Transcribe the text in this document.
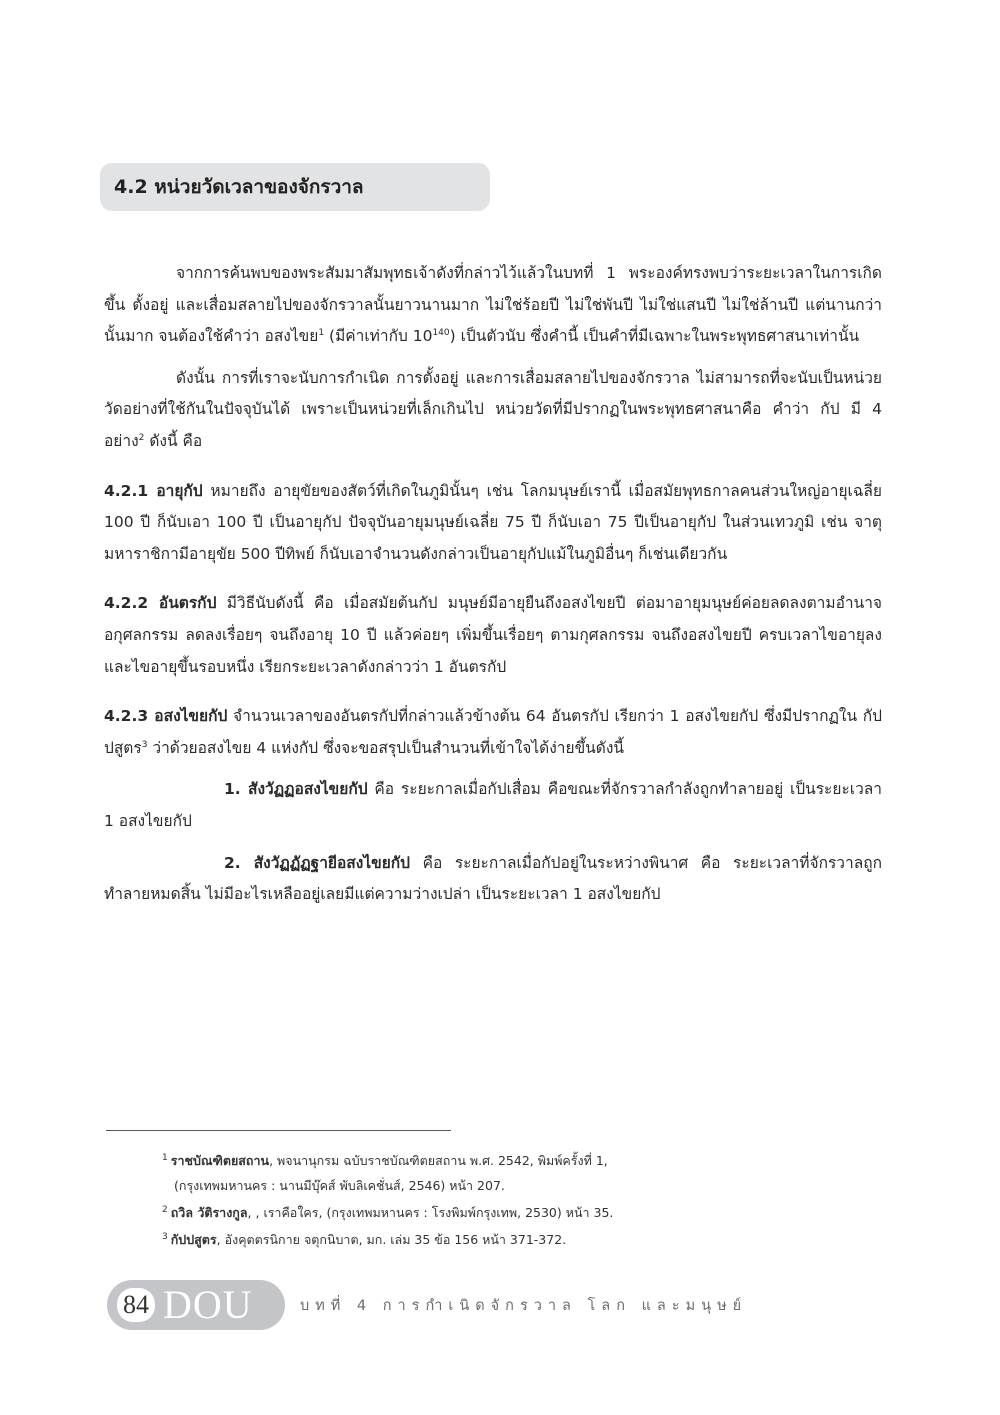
4.2 หน่วยวัดเวลาของจักรวาล

จากการค้นพบของพระสัมมาสัมพุทธเจ้าดังที่กล่าวไว้แล้วในบทที่ 1 พระองค์ทรงพบว่าระยะเวลาในการเกิดขึ้น ตั้งอยู่ และเสื่อมสลายไปของจักรวาลนั้นยาวนานมาก ไม่ใช่ร้อยปี ไม่ใช่พันปี ไม่ใช่แสนปี ไม่ใช่ล้านปี แต่นานกว่านั้นมาก จนต้องใช้คำว่า อสงไขย$^1$ (มีค่าเท่ากับ $10^{140}$) เป็นตัวนับ ซึ่งคำนี้ เป็นคำที่มีเฉพาะในพระพุทธศาสนาเท่านั้น

ดังนั้น การที่เราจะนับการกำเนิด การตั้งอยู่ และการเสื่อมสลายไปของจักรวาล ไม่สามารถที่จะนับเป็นหน่วยวัดอย่างที่ใช้กันในปัจจุบันได้ เพราะเป็นหน่วยที่เล็กเกินไป หน่วยวัดที่มีปรากฏในพระพุทธศาสนาคือ คำว่า กัป มี 4 อย่าง$^2$ ดังนี้ คือ

4.2.1 อายุกัป หมายถึง อายุขัยของสัตว์ที่เกิดในภูมินั้นๆ เช่น โลกมนุษย์เรานี้ เมื่อสมัยพุทธกาลคนส่วนใหญ่อายุเฉลี่ย 100 ปี ก็นับเอา 100 ปี เป็นอายุกัป ปัจจุบันอายุมนุษย์เฉลี่ย 75 ปี ก็นับเอา 75 ปีเป็นอายุกัป ในส่วนเทวภูมิ เช่น จาตุมหาราชิกามีอายุขัย 500 ปีทิพย์ ก็นับเอาจำนวนดังกล่าวเป็นอายุกัปแม้ในภูมิอื่นๆ ก็เช่นเดียวกัน

4.2.2 อันตรกัป มีวิธีนับดังนี้ คือ เมื่อสมัยต้นกัป มนุษย์มีอายุยืนถึงอสงไขยปี ต่อมาอายุมนุษย์ค่อยลดลงตามอำนาจอกุศลกรรม ลดลงเรื่อยๆ จนถึงอายุ 10 ปี แล้วค่อยๆ เพิ่มขึ้นเรื่อยๆ ตามกุศลกรรม จนถึงอสงไขยปี ครบเวลาไขอายุลงและไขอายุขึ้นรอบหนึ่ง เรียกระยะเวลาดังกล่าวว่า 1 อันตรกัป

4.2.3 อสงไขยกัป จำนวนเวลาของอันตรกัปที่กล่าวแล้วข้างต้น 64 อันตรกัป เรียกว่า 1 อสงไขยกัป ซึ่งมีปรากฏใน กัปปสูตร$^3$ ว่าด้วยอสงไขย 4 แห่งกัป ซึ่งจะขอสรุปเป็นสำนวนที่เข้าใจได้ง่ายขึ้นดังนี้

1. สังวัฏฏอสงไขยกัป คือ ระยะกาลเมื่อกัปเสื่อม คือขณะที่จักรวาลกำลังถูกทำลายอยู่ เป็นระยะเวลา 1 อสงไขยกัป

2. สังวัฏฏัฏฐายีอสงไขยกัป คือ ระยะกาลเมื่อกัปอยู่ในระหว่างพินาศ คือ ระยะเวลาที่จักรวาลถูกทำลายหมดสิ้น ไม่มีอะไรเหลืออยู่เลยมีแต่ความว่างเปล่า เป็นระยะเวลา 1 อสงไขยกัป

$^1$ ราชบัณฑิตยสถาน, พจนานุกรม ฉบับราชบัณฑิตยสถาน พ.ศ. 2542, พิมพ์ครั้งที่ 1,

(กรุงเทพมหานคร : นานมีบุ๊คส์ พับลิเคชั่นส์, 2546) หน้า 207.

$^2$ ถวิล วัติรางกูล, , เราคือใคร, (กรุงเทพมหานคร : โรงพิมพ์กรุงเทพ, 2530) หน้า 35.

$^3$ กัปปสูตร, อังคุตตรนิกาย จตุกนิบาต, มก. เล่ม 35 ข้อ 156 หน้า 371-372.

84 DOU	บทที่ 4 การกำเนิดจักรวาล โลก และมนุษย์
